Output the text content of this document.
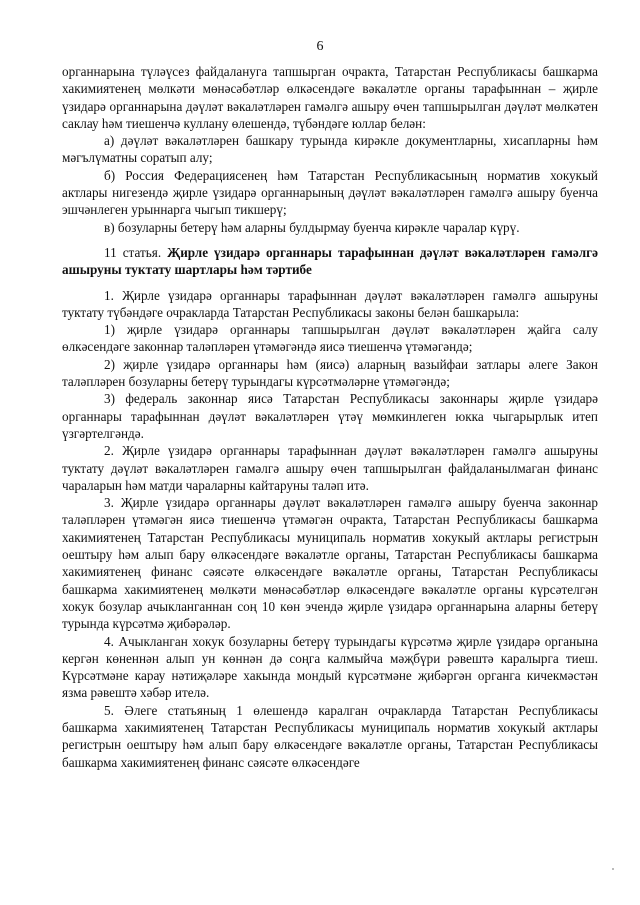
6

органнарына түләүсез файдалануга тапшырган очракта, Татарстан Республикасы башкарма хакимиятенең мөлкәти мөнәсәбәтләр өлкәсендәге вәкаләтле органы тарафыннан – җирле үзидарә органнарына дәүләт вәкаләтләрен гамәлгә ашыру өчен тапшырылган дәүләт мөлкәтен саклау һәм тиешенчә куллану өлешендә, түбәндәге юллар белән:

а) дәүләт вәкаләтләрен башкару турында кирәкле документларны, хисапларны һәм мәгълүматны соратып алу;

б) Россия Федерациясенең һәм Татарстан Республикасының норматив хокукый актлары нигезендә җирле үзидарә органнарының дәүләт вәкаләтләрен гамәлгә ашыру буенча эшчәнлеген урыннарга чыгып тикшерү;

в) бозуларны бетерү һәм аларны булдырмау буенча кирәкле чаралар күрү.

11 статья. Җирле үзидарә органнары тарафыннан дәүләт вәкаләтләрен гамәлгә ашыруны туктату шартлары һәм тәртибе

1. Җирле үзидарә органнары тарафыннан дәүләт вәкаләтләрен гамәлгә ашыруны туктату түбәндәге очракларда Татарстан Республикасы законы белән башкарыла:

1) җирле үзидарә органнары тапшырылган дәүләт вәкаләтләрен җайга салу өлкәсендәге законнар таләпләрен үтәмәгәндә яисә тиешенчә үтәмәгәндә;

2) җирле үзидарә органнары һәм (яисә) аларның вазыйфаи затлары әлеге Закон таләпләрен бозуларны бетерү турындагы күрсәтмәләрне үтәмәгәндә;

3) федераль законнар яисә Татарстан Республикасы законнары җирле үзидарә органнары тарафыннан дәүләт вәкаләтләрен үтәү мөмкинлеген юкка чыгарырлык итеп үзгәртелгәндә.

2. Җирле үзидарә органнары тарафыннан дәүләт вәкаләтләрен гамәлгә ашыруны туктату дәүләт вәкаләтләрен гамәлгә ашыру өчен тапшырылган файдаланылмаган финанс чараларын һәм матди чараларны кайтаруны таләп итә.

3. Җирле үзидарә органнары дәүләт вәкаләтләрен гамәлгә ашыру буенча законнар таләпләрен үтәмәгән яисә тиешенчә үтәмәгән очракта, Татарстан Республикасы башкарма хакимиятенең Татарстан Республикасы муниципаль норматив хокукый актлары регистрын оештыру һәм алып бару өлкәсендәге вәкаләтле органы, Татарстан Республикасы башкарма хакимиятенең финанс сәясәте өлкәсендәге вәкаләтле органы, Татарстан Республикасы башкарма хакимиятенең мөлкәти мөнәсәбәтләр өлкәсендәге вәкаләтле органы күрсәтелгән хокук бозулар ачыкланганнан соң 10 көн эчендә җирле үзидарә органнарына аларны бетерү турында күрсәтмә җибәрәләр.

4. Ачыкланган хокук бозуларны бетерү турындагы күрсәтмә җирле үзидарә органына кергән көненнән алып ун көннән дә соңга калмыйча мәҗбүри рәвештә каралырга тиеш. Күрсәтмәне карау нәтиҗәләре хакында мондый күрсәтмәне җибәргән органга кичекмәстән язма рәвештә хәбәр ителә.

5. Әлеге статьяның 1 өлешендә каралган очракларда Татарстан Республикасы башкарма хакимиятенең Татарстан Республикасы муниципаль норматив хокукый актлары регистрын оештыру һәм алып бару өлкәсендәге вәкаләтле органы, Татарстан Республикасы башкарма хакимиятенең финанс сәясәте өлкәсендәге
